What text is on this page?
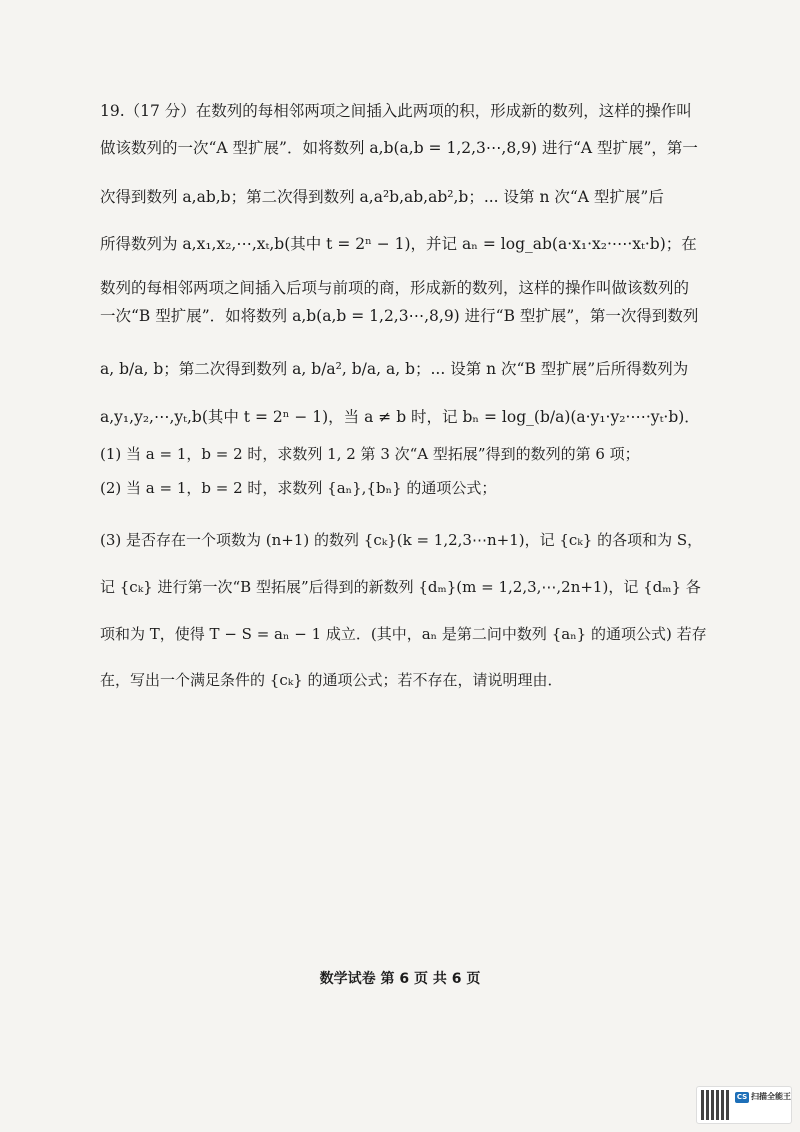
19.（17 分）在数列的每相邻两项之间插入此两项的积，形成新的数列，这样的操作叫
做该数列的一次“A 型扩展”．如将数列 a,b(a,b = 1,2,3⋯,8,9) 进行“A 型扩展”，第一
次得到数列 a,ab,b；第二次得到数列 a,a²b,ab,ab²,b；... 设第 n 次“A 型扩展”后
所得数列为 a,x₁,x₂,⋯,xₜ,b(其中 t = 2ⁿ − 1)，并记 aₙ = log_ab(a·x₁·x₂·⋯·xₜ·b)；在
数列的每相邻两项之间插入后项与前项的商，形成新的数列，这样的操作叫做该数列的
一次“B 型扩展”．如将数列 a,b(a,b = 1,2,3⋯,8,9) 进行“B 型扩展”，第一次得到数列
a, b/a, b；第二次得到数列 a, b/a², b/a, a, b；... 设第 n 次“B 型扩展”后所得数列为
a,y₁,y₂,⋯,yₜ,b(其中 t = 2ⁿ − 1)，当 a ≠ b 时，记 bₙ = log_(b/a)(a·y₁·y₂·⋯·yₜ·b)．
(1) 当 a = 1，b = 2 时，求数列 1, 2 第 3 次“A 型拓展”得到的数列的第 6 项；
(2) 当 a = 1，b = 2 时，求数列 {aₙ},{bₙ} 的通项公式；
(3) 是否存在一个项数为 (n+1) 的数列 {cₖ}(k = 1,2,3⋯n+1)，记 {cₖ} 的各项和为 S，
记 {cₖ} 进行第一次“B 型拓展”后得到的新数列 {dₘ}(m = 1,2,3,⋯,2n+1)，记 {dₘ} 各
项和为 T，使得 T − S = aₙ − 1 成立．(其中，aₙ 是第二问中数列 {aₙ} 的通项公式) 若存
在，写出一个满足条件的 {cₖ} 的通项公式；若不存在，请说明理由．
数学试卷 第 6 页 共 6 页
CS 扫描全能王
